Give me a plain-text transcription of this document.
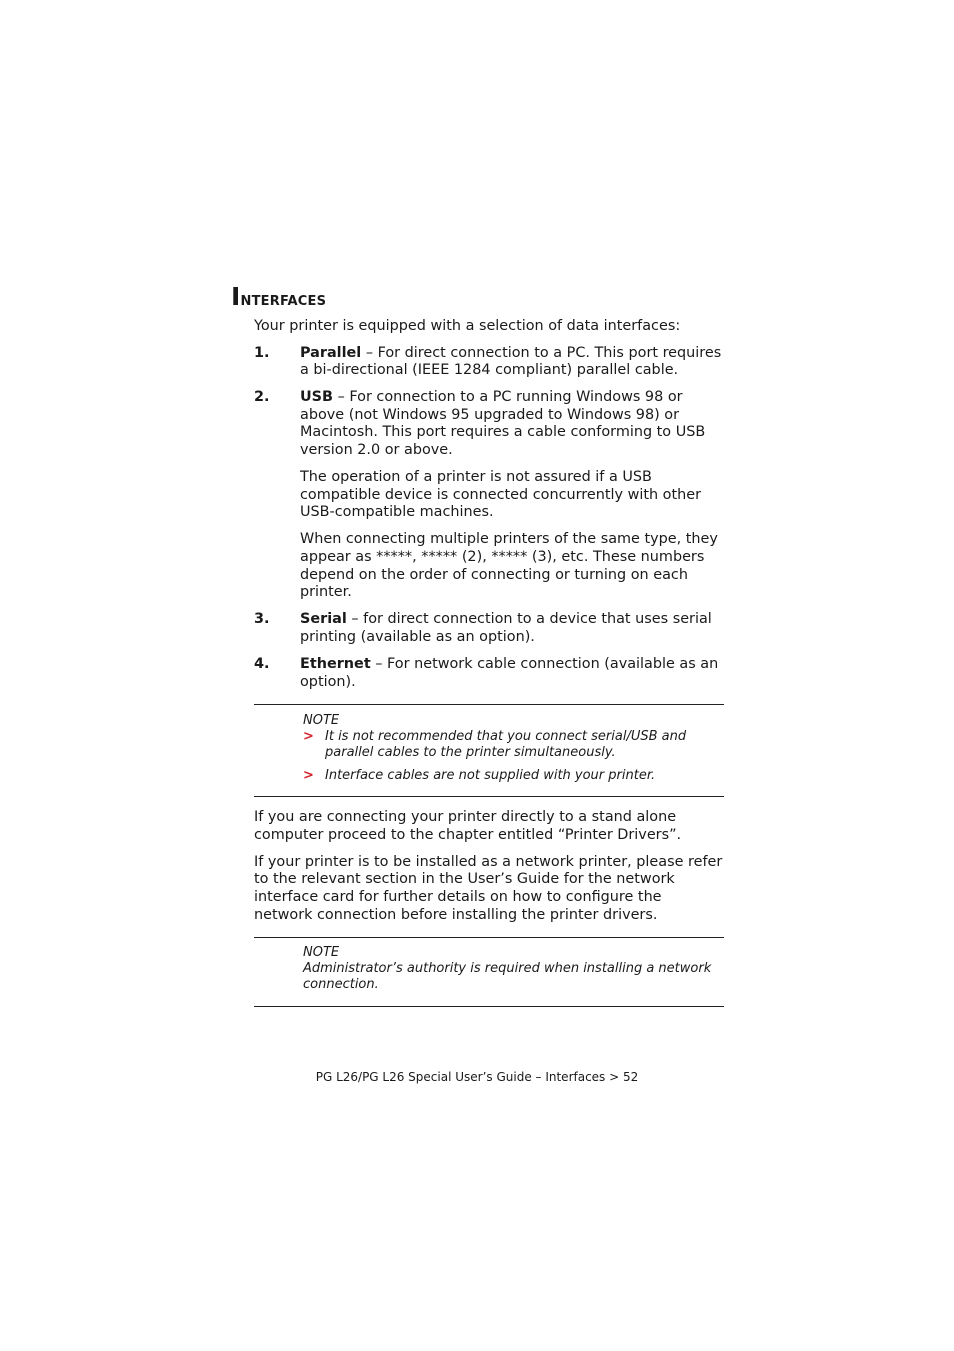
Interfaces

Your printer is equipped with a selection of data interfaces:

1.	Parallel – For direct connection to a PC. This port requires a bi-directional (IEEE 1284 compliant) parallel cable.

2.	USB – For connection to a PC running Windows 98 or above (not Windows 95 upgraded to Windows 98) or Macintosh. This port requires a cable conforming to USB version 2.0 or above.

The operation of a printer is not assured if a USB compatible device is connected concurrently with other USB-compatible machines.

When connecting multiple printers of the same type, they appear as *****, ***** (2), ***** (3), etc. These numbers depend on the order of connecting or turning on each printer.

3.	Serial – for direct connection to a device that uses serial printing (available as an option).

4.	Ethernet – For network cable connection (available as an option).

NOTE
> It is not recommended that you connect serial/USB and parallel cables to the printer simultaneously.
> Interface cables are not supplied with your printer.

If you are connecting your printer directly to a stand alone computer proceed to the chapter entitled “Printer Drivers”.

If your printer is to be installed as a network printer, please refer to the relevant section in the User’s Guide for the network interface card for further details on how to configure the network connection before installing the printer drivers.

NOTE
Administrator’s authority is required when installing a network connection.
PG L26/PG L26 Special User’s Guide – Interfaces > 52
